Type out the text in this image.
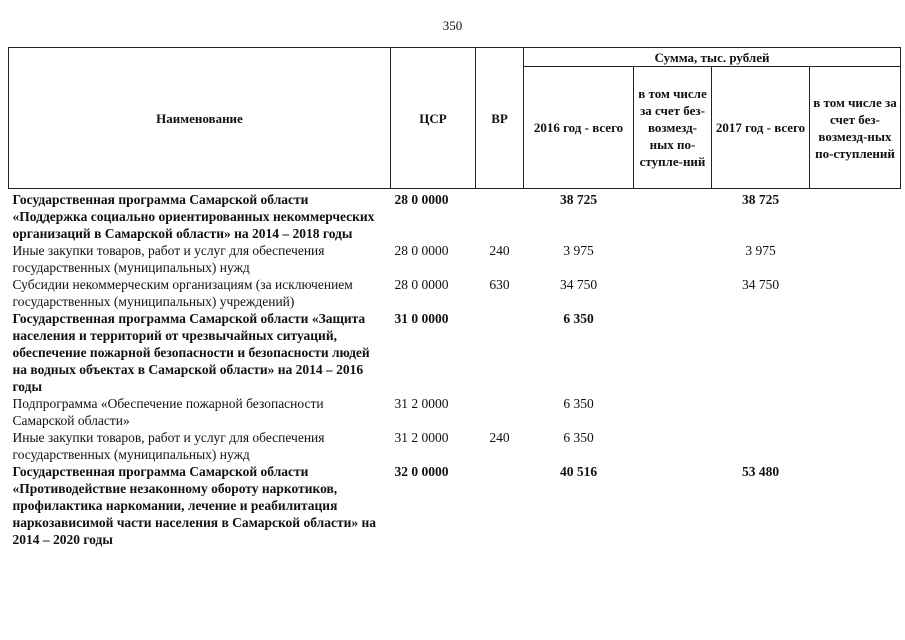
350
Наименование	ЦСР	ВР	Сумма, тыс. рублей			
			2016 год - всего	в том числе за счет без-возмезд-ных по-ступле-ний	2017 год - всего	в том числе за счет без-возмезд-ных по-ступлений
Государственная программа Самарской области «Поддержка социально ориентированных некоммерческих организаций в Самарской области» на 2014 – 2018 годы	28 0 0000		38 725		38 725	
Иные закупки товаров, работ и услуг для обеспечения государственных (муниципальных) нужд	28 0 0000	240	3 975		3 975	
Субсидии некоммерческим организациям (за исключением государственных (муниципальных) учреждений)	28 0 0000	630	34 750		34 750	
Государственная программа Самарской области «Защита населения и территорий от чрезвычайных ситуаций, обеспечение пожарной безопасности и безопасности людей на водных объектах в Самарской области» на 2014 – 2016 годы	31 0 0000		6 350			
Подпрограмма «Обеспечение пожарной безопасности Самарской области»	31 2 0000		6 350			
Иные закупки товаров, работ и услуг для обеспечения государственных (муниципальных) нужд	31 2 0000	240	6 350			
Государственная программа Самарской области «Противодействие незаконному обороту наркотиков, профилактика наркомании, лечение и реабилитация наркозависимой части населения в Самарской области» на 2014 – 2020 годы	32 0 0000		40 516		53 480	
